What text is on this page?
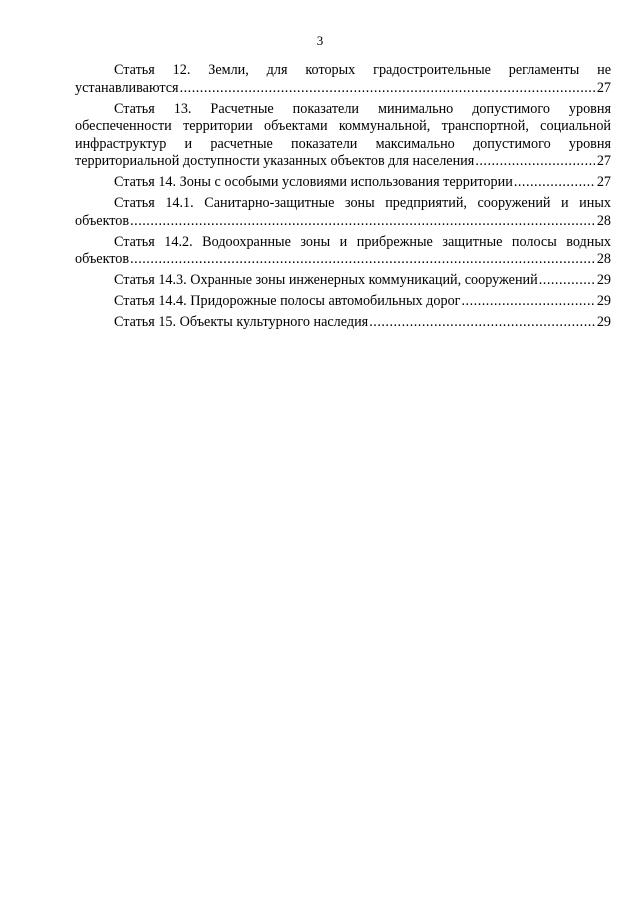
3
Статья 12. Земли, для которых градостроительные регламенты не
устанавливаются .....	27
Статья 13. Расчетные показатели минимально допустимого уровня
обеспеченности территории объектами коммунальной, транспортной, социальной
инфраструктур и расчетные показатели максимально допустимого уровня
территориальной доступности указанных объектов для населения .....	27
Статья 14. Зоны с особыми условиями использования территории .....	27
Статья 14.1. Санитарно-защитные зоны предприятий, сооружений и иных
объектов .....	28
Статья 14.2. Водоохранные зоны и прибрежные защитные полосы водных
объектов .....	28
Статья 14.3. Охранные зоны инженерных коммуникаций, сооружений .....	29
Статья 14.4. Придорожные полосы автомобильных дорог .....	29
Статья 15. Объекты культурного наследия .....	29
